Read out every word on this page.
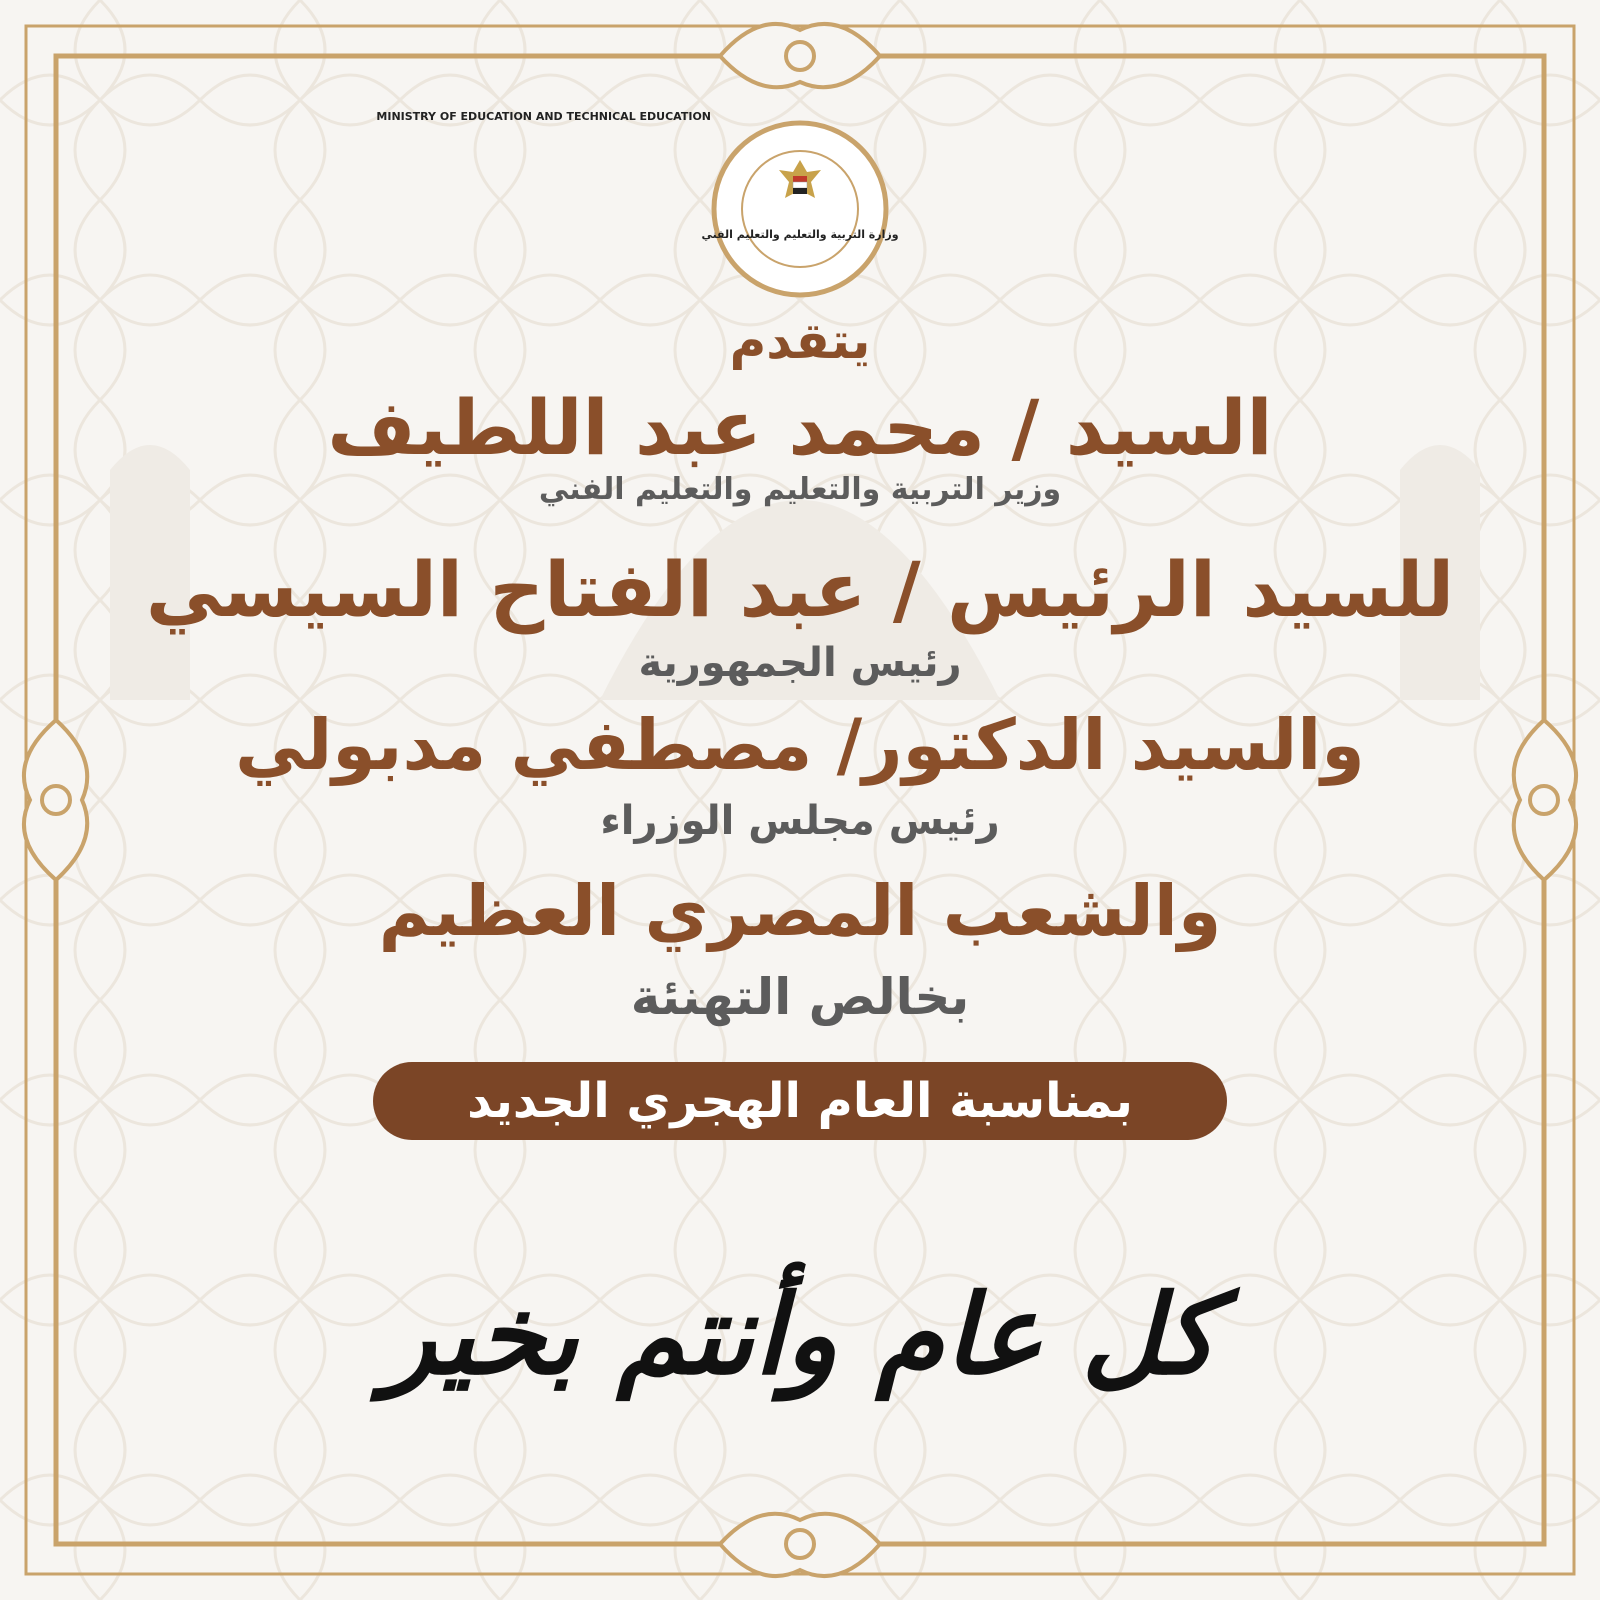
MINISTRY OF EDUCATION AND TECHNICAL EDUCATION
وزارة التربية والتعليم والتعليم الفني
يتقدم
السيد / محمد عبد اللطيف
وزير التربية والتعليم والتعليم الفني
للسيد الرئيس / عبد الفتاح السيسي
رئيس الجمهورية
والسيد الدكتور/ مصطفي مدبولي
رئيس مجلس الوزراء
والشعب المصري العظيم
بخالص التهنئة
بمناسبة العام الهجري الجديد
كل عام وأنتم بخير
